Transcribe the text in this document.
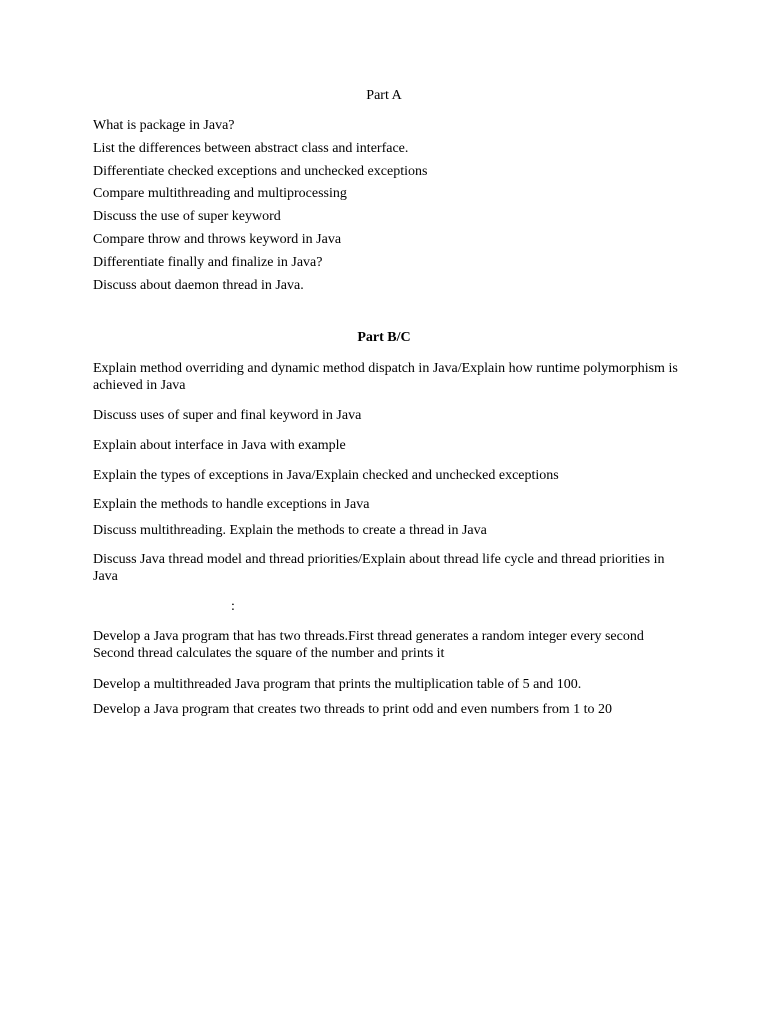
Part A
What is package in Java?
List the differences between abstract class and interface.
Differentiate checked exceptions and unchecked exceptions
Compare multithreading and multiprocessing
Discuss the use of super keyword
Compare throw and throws keyword in Java
Differentiate finally and finalize in Java?
Discuss about daemon thread in Java.
Part B/C
Explain method overriding and dynamic method dispatch in Java/Explain how runtime polymorphism is achieved in Java
Discuss uses of super and final keyword in Java
Explain about interface in Java with example
Explain the types of exceptions in Java/Explain checked and unchecked exceptions
Explain the methods to handle exceptions in Java
Discuss multithreading. Explain the methods to create a thread in Java
Discuss Java thread model and thread priorities/Explain about thread life cycle and thread priorities in Java
:
Develop a Java program that has two threads.First thread generates a random integer every second Second thread calculates the square of the number and prints it
Develop a multithreaded Java program that prints the multiplication table of 5 and 100.
Develop a Java program that creates two threads to print odd and even numbers from 1 to 20
